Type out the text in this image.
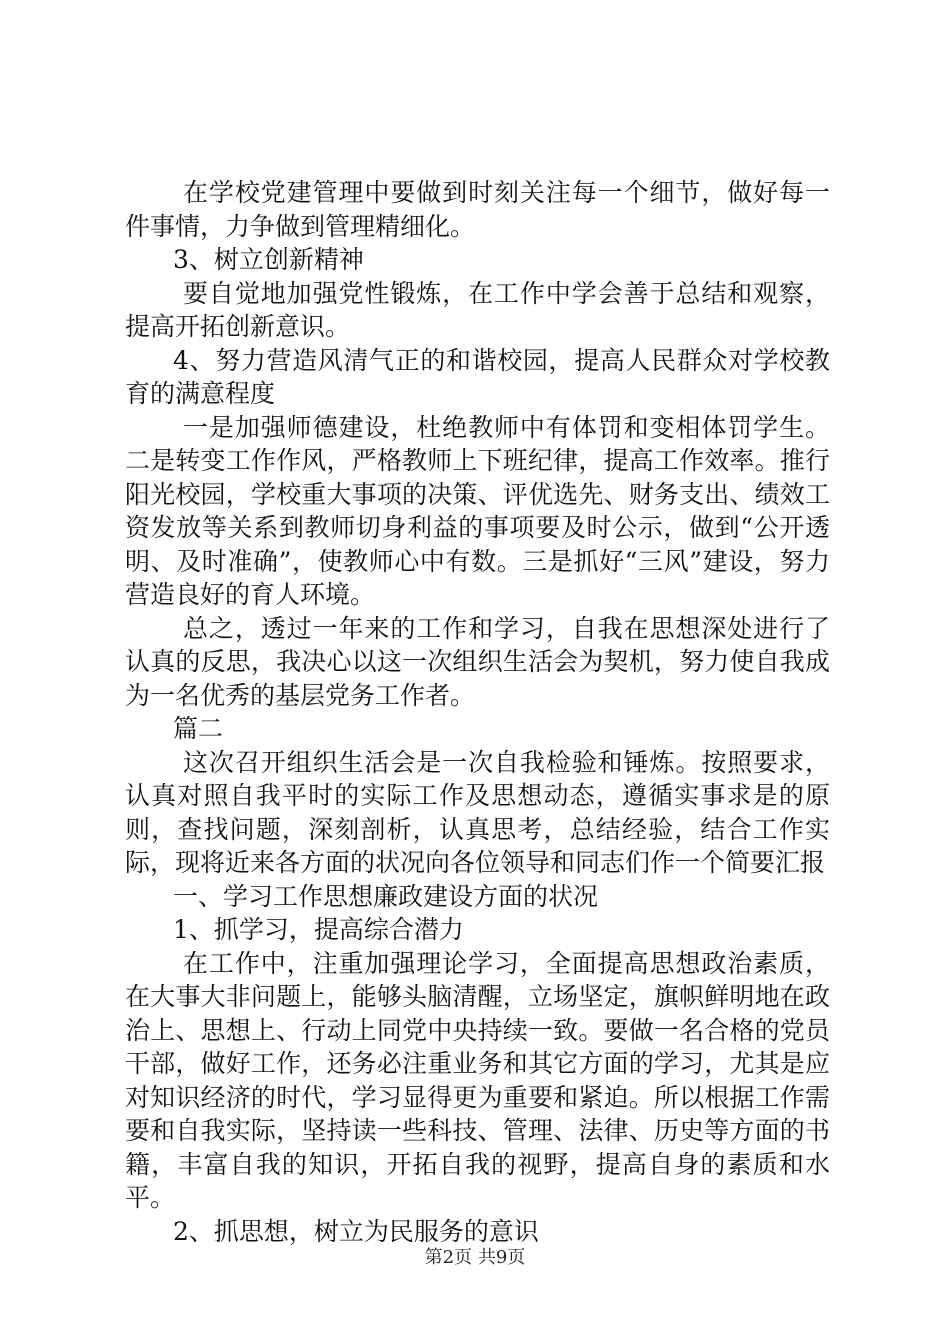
在学校党建管理中要做到时刻关注每一个细节，做好每一件事情，力争做到管理精细化。

3、树立创新精神

要自觉地加强党性锻炼，在工作中学会善于总结和观察，提高开拓创新意识。

4、努力营造风清气正的和谐校园，提高人民群众对学校教育的满意程度

一是加强师德建设，杜绝教师中有体罚和变相体罚学生。二是转变工作作风，严格教师上下班纪律，提高工作效率。推行阳光校园，学校重大事项的决策、评优选先、财务支出、绩效工资发放等关系到教师切身利益的事项要及时公示，做到“公开透明、及时准确”，使教师心中有数。三是抓好“三风”建设，努力营造良好的育人环境。

总之，透过一年来的工作和学习，自我在思想深处进行了认真的反思，我决心以这一次组织生活会为契机，努力使自我成为一名优秀的基层党务工作者。

篇二

这次召开组织生活会是一次自我检验和锤炼。按照要求，认真对照自我平时的实际工作及思想动态，遵循实事求是的原则，查找问题，深刻剖析，认真思考，总结经验，结合工作实际，现将近来各方面的状况向各位领导和同志们作一个简要汇报

一、学习工作思想廉政建设方面的状况

1、抓学习，提高综合潜力

在工作中，注重加强理论学习，全面提高思想政治素质，在大事大非问题上，能够头脑清醒，立场坚定，旗帜鲜明地在政治上、思想上、行动上同党中央持续一致。要做一名合格的党员干部，做好工作，还务必注重业务和其它方面的学习，尤其是应对知识经济的时代，学习显得更为重要和紧迫。所以根据工作需要和自我实际，坚持读一些科技、管理、法律、历史等方面的书籍，丰富自我的知识，开拓自我的视野，提高自身的素质和水平。

2、抓思想，树立为民服务的意识

第2页 共9页
